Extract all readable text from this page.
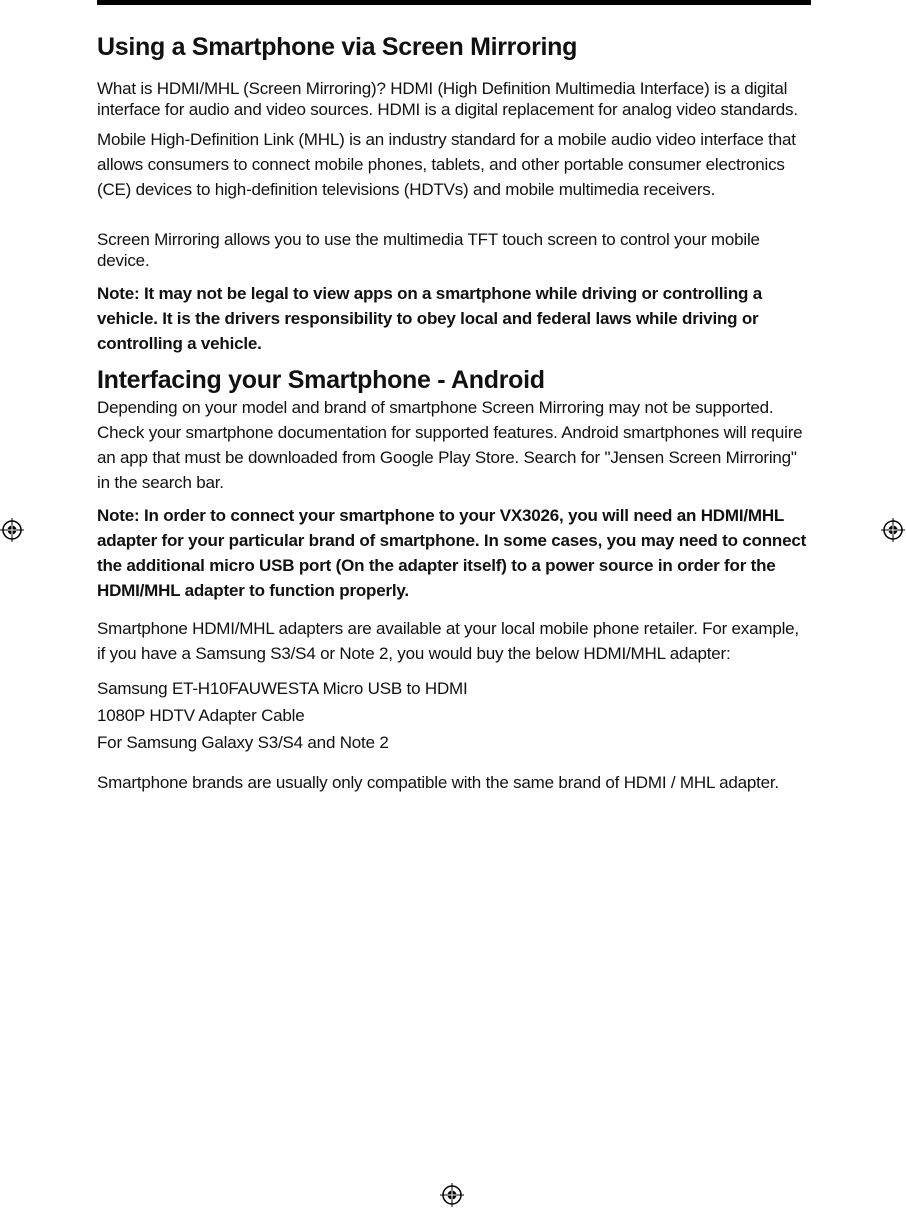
Using a Smartphone via Screen Mirroring

What is HDMI/MHL (Screen Mirroring)? HDMI (High Definition Multimedia Interface) is a digital interface for audio and video sources. HDMI is a digital replacement for analog video standards.

Mobile High-Definition Link (MHL) is an industry standard for a mobile audio video interface that allows consumers to connect mobile phones, tablets, and other portable consumer electronics (CE) devices to high-definition televisions (HDTVs) and mobile multimedia receivers.

Screen Mirroring allows you to use the multimedia TFT touch screen to control your mobile device.

Note: It may not be legal to view apps on a smartphone while driving or controlling a vehicle. It is the drivers responsibility to obey local and federal laws while driving or controlling a vehicle.

Interfacing your Smartphone - Android

Depending on your model and brand of smartphone Screen Mirroring may not be supported. Check your smartphone documentation for supported features. Android smartphones will require an app that must be downloaded from Google Play Store. Search for "Jensen Screen Mirroring" in the search bar.

Note: In order to connect your smartphone to your VX3026, you will need an HDMI/MHL adapter for your particular brand of smartphone. In some cases, you may need to connect the additional micro USB port (On the adapter itself) to a power source in order for the HDMI/MHL adapter to function properly.

Smartphone HDMI/MHL adapters are available at your local mobile phone retailer. For example, if you have a Samsung S3/S4 or Note 2, you would buy the below HDMI/MHL adapter:

Samsung ET-H10FAUWESTA Micro USB to HDMI

1080P HDTV Adapter Cable

For Samsung Galaxy S3/S4 and Note 2

Smartphone brands are usually only compatible with the same brand of HDMI / MHL adapter.
